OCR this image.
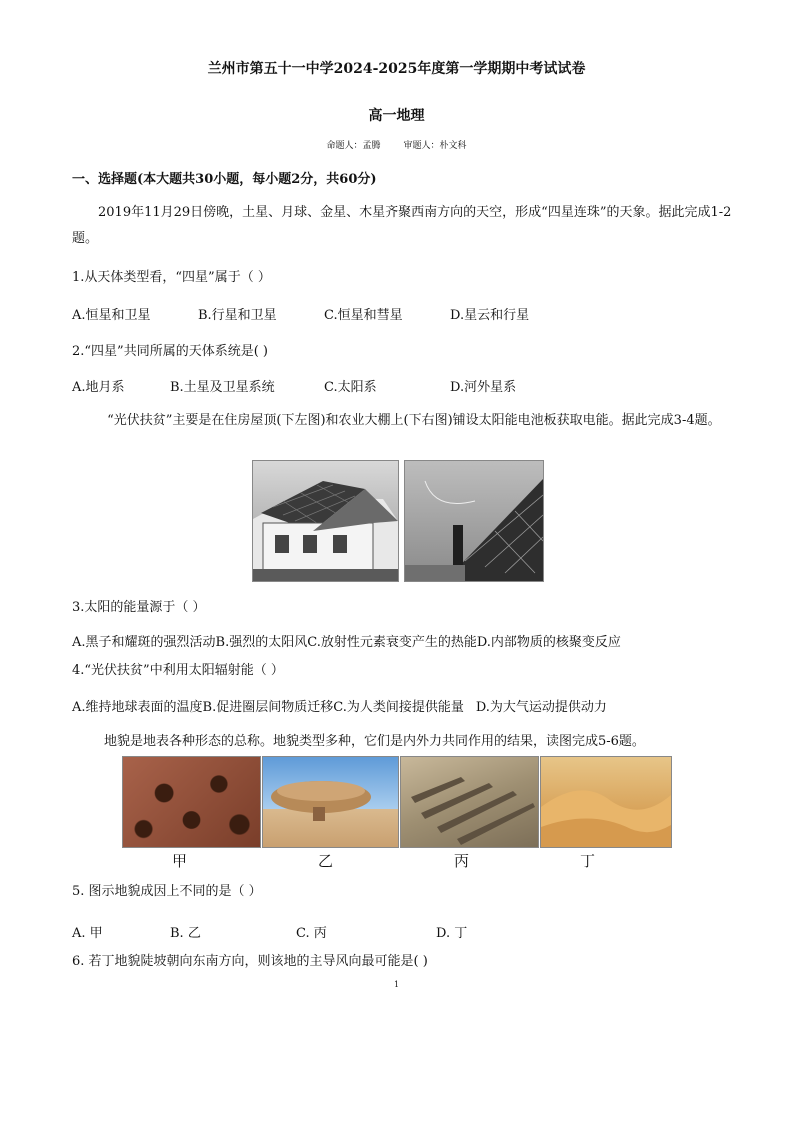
兰州市第五十一中学2024-2025年度第一学期期中考试试卷
高一地理
命题人：孟腾	审题人：朴文科
一、选择题(本大题共30小题，每小题2分，共60分)
2019年11月29日傍晚，土星、月球、金星、木星齐聚西南方向的天空，形成“四星连珠”的天象。据此完成1-2题。
1.从天体类型看，“四星”属于（ ）
A.恒星和卫星	B.行星和卫星	C.恒星和彗星	D.星云和行星
2.“四星”共同所属的天体系统是( )
A.地月系	B.土星及卫星系统	C.太阳系	D.河外星系
“光伏扶贫”主要是在住房屋顶(下左图)和农业大棚上(下右图)铺设太阳能电池板获取电能。据此完成3-4题。
3.太阳的能量源于（ ）
A.黑子和耀斑的强烈活动 B.强烈的太阳风 C.放射性元素衰变产生的热能 D.内部物质的核聚变反应
4.“光伏扶贫”中利用太阳辐射能（ ）
A.维持地球表面的温度 B.促进圈层间物质迁移 C.为人类间接提供能量 D.为大气运动提供动力
地貌是地表各种形态的总称。地貌类型多种，它们是内外力共同作用的结果，读图完成5-6题。
甲	乙	丙	丁
5. 图示地貌成因上不同的是（ ）
A. 甲	B. 乙	C. 丙	D. 丁
6. 若丁地貌陡坡朝向东南方向，则该地的主导风向最可能是( )
1
